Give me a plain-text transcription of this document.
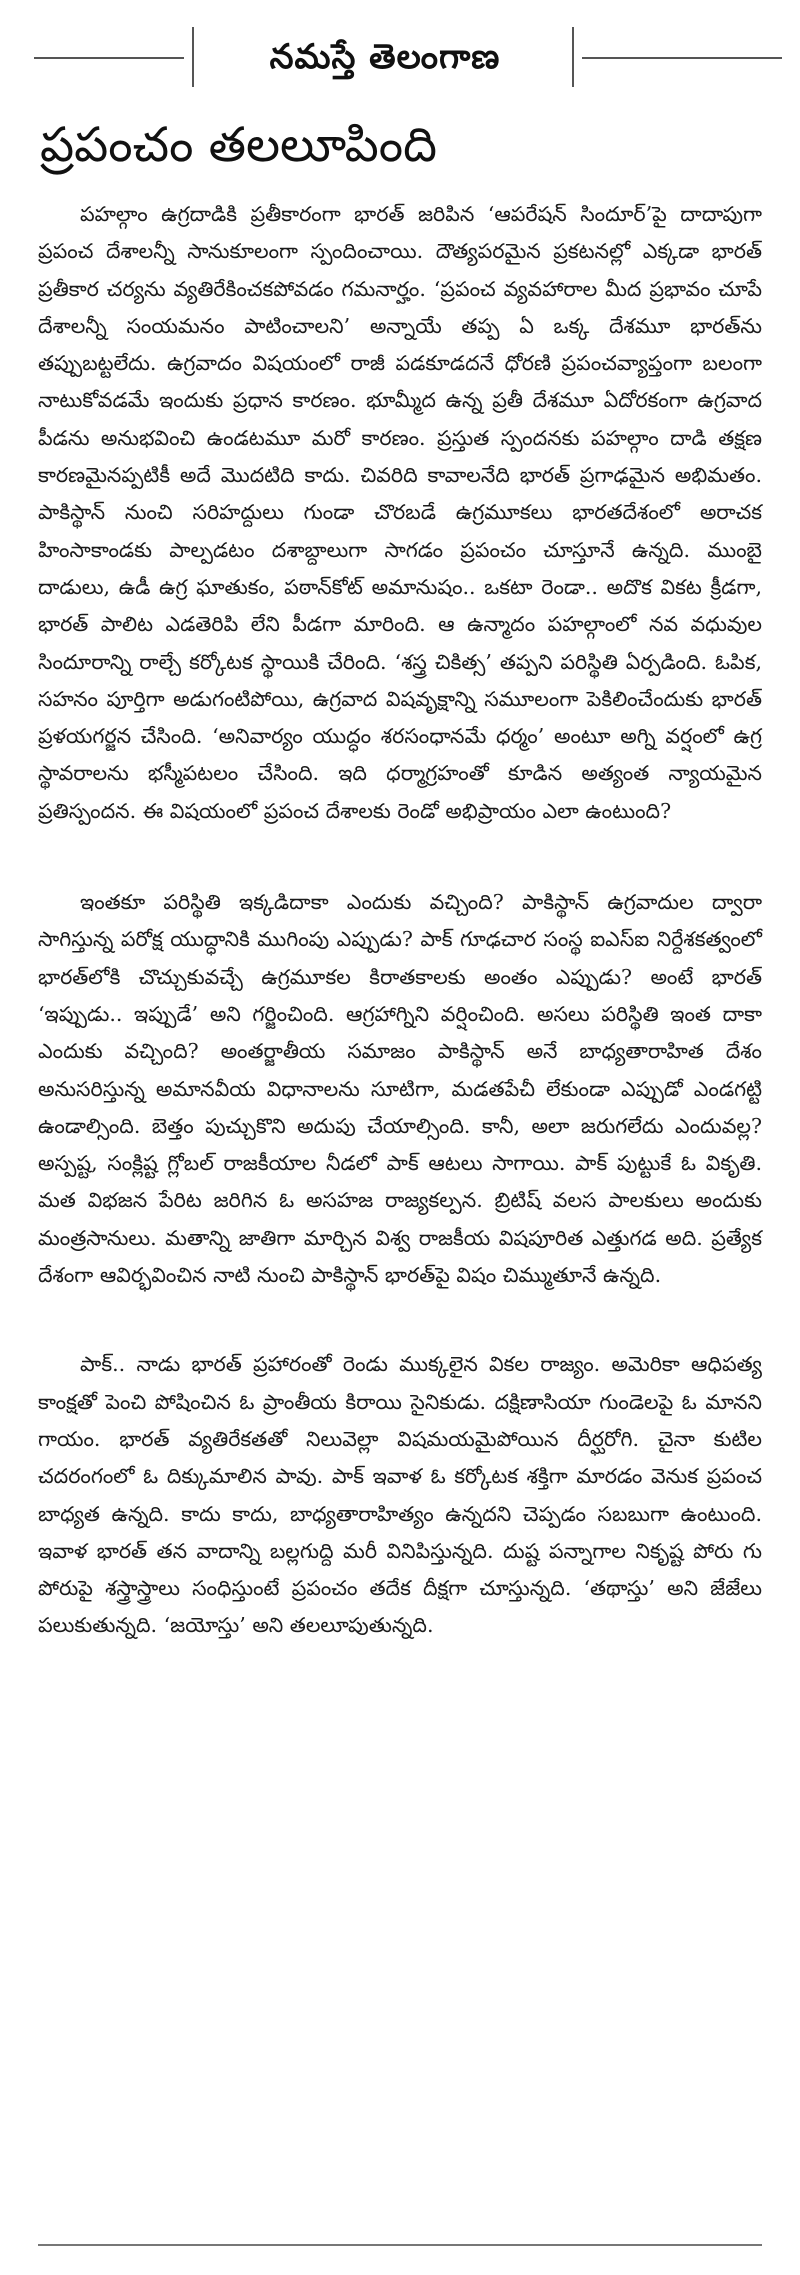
నమస్తే తెలంగాణ
ప్రపంచం తలలూపింది

పహల్గాం ఉగ్రదాడికి ప్రతీకారంగా భారత్ జరిపిన ‘ఆపరేషన్ సిందూర్’పై దాదాపుగా ప్రపంచ దేశాలన్నీ సానుకూలంగా స్పందించాయి. దౌత్యపరమైన ప్రకటనల్లో ఎక్కడా భారత్ ప్రతీకార చర్యను వ్యతిరేకించకపోవడం గమనార్హం. ‘ప్రపంచ వ్యవహారాల మీద ప్రభావం చూపే దేశాలన్నీ సంయమనం పాటించాలని’ అన్నాయే తప్ప ఏ ఒక్క దేశమూ భారత్‌ను తప్పుబట్టలేదు. ఉగ్రవాదం విషయంలో రాజీ పడకూడదనే ధోరణి ప్రపంచవ్యాప్తంగా బలంగా నాటుకోవడమే ఇందుకు ప్రధాన కారణం. భూమ్మీద ఉన్న ప్రతీ దేశమూ ఏదోరకంగా ఉగ్రవాద పీడను అనుభవించి ఉండటమూ మరో కారణం. ప్రస్తుత స్పందనకు పహల్గాం దాడి తక్షణ కారణమైనప్పటికీ అదే మొదటిది కాదు. చివరిది కావాలనేది భారత్ ప్రగాఢమైన అభిమతం. పాకిస్థాన్ నుంచి సరిహద్దులు గుండా చొరబడే ఉగ్రమూకలు భారతదేశంలో అరాచక హింసాకాండకు పాల్పడటం దశాబ్దాలుగా సాగడం ప్రపంచం చూస్తూనే ఉన్నది. ముంబై దాడులు, ఉడీ ఉగ్ర ఘాతుకం, పఠాన్‌కోట్ అమానుషం.. ఒకటా రెండా.. అదొక వికట క్రీడగా, భారత్ పాలిట ఎడతెరిపి లేని పీడగా మారింది. ఆ ఉన్మాదం పహల్గాంలో నవ వధువుల సిందూరాన్ని రాల్చే కర్కోటక స్థాయికి చేరింది. ‘శస్త్ర చికిత్స’ తప్పని పరిస్థితి ఏర్పడింది. ఓపిక, సహనం పూర్తిగా అడుగంటిపోయి, ఉగ్రవాద విషవృక్షాన్ని సమూలంగా పెకిలించేందుకు భారత్ ప్రళయగర్జన చేసింది. ‘అనివార్యం యుద్ధం శరసంధానమే ధర్మం’ అంటూ అగ్ని వర్షంలో ఉగ్ర స్థావరాలను భస్మీపటలం చేసింది. ఇది ధర్మాగ్రహంతో కూడిన అత్యంత న్యాయమైన ప్రతిస్పందన. ఈ విషయంలో ప్రపంచ దేశాలకు రెండో అభిప్రాయం ఎలా ఉంటుంది?

ఇంతకూ పరిస్థితి ఇక్కడిదాకా ఎందుకు వచ్చింది? పాకిస్థాన్ ఉగ్రవాదుల ద్వారా సాగిస్తున్న పరోక్ష యుద్ధానికి ముగింపు ఎప్పుడు? పాక్ గూఢచార సంస్థ ఐఎస్ఐ నిర్దేశకత్వంలో భారత్‌లోకి చొచ్చుకువచ్చే ఉగ్రమూకల కిరాతకాలకు అంతం ఎప్పుడు? అంటే భారత్ ‘ఇప్పుడు.. ఇప్పుడే’ అని గర్జించింది. ఆగ్రహాగ్నిని వర్షించింది. అసలు పరిస్థితి ఇంత దాకా ఎందుకు వచ్చింది? అంతర్జాతీయ సమాజం పాకిస్థాన్ అనే బాధ్యతారాహిత దేశం అనుసరిస్తున్న అమానవీయ విధానాలను సూటిగా, మడతపేచీ లేకుండా ఎప్పుడో ఎండగట్టి ఉండాల్సింది. బెత్తం పుచ్చుకొని అదుపు చేయాల్సింది. కానీ, అలా జరుగలేదు ఎందువల్ల? అస్పష్ట, సంక్లిష్ట గ్లోబల్ రాజకీయాల నీడలో పాక్ ఆటలు సాగాయి. పాక్ పుట్టుకే ఓ వికృతి. మత విభజన పేరిట జరిగిన ఓ అసహజ రాజ్యకల్పన. బ్రిటిష్ వలస పాలకులు అందుకు మంత్రసానులు. మతాన్ని జాతిగా మార్చిన విశ్వ రాజకీయ విషపూరిత ఎత్తుగడ అది. ప్రత్యేక దేశంగా ఆవిర్భవించిన నాటి నుంచి పాకిస్థాన్ భారత్‌పై విషం చిమ్ముతూనే ఉన్నది.

పాక్.. నాడు భారత్ ప్రహారంతో రెండు ముక్కలైన వికల రాజ్యం. అమెరికా ఆధిపత్య కాంక్షతో పెంచి పోషించిన ఓ ప్రాంతీయ కిరాయి సైనికుడు. దక్షిణాసియా గుండెలపై ఓ మానని గాయం. భారత్ వ్యతిరేకతతో నిలువెల్లా విషమయమైపోయిన దీర్ఘరోగి. చైనా కుటిల చదరంగంలో ఓ దిక్కుమాలిన పావు. పాక్ ఇవాళ ఓ కర్కోటక శక్తిగా మారడం వెనుక ప్రపంచ బాధ్యత ఉన్నది. కాదు కాదు, బాధ్యతారాహిత్యం ఉన్నదని చెప్పడం సబబుగా ఉంటుంది. ఇవాళ భారత్ తన వాదాన్ని బల్లగుద్ది మరీ వినిపిస్తున్నది. దుష్ట పన్నాగాల నికృష్ట పోరు గు పోరుపై శస్త్రాస్త్రాలు సంధిస్తుంటే ప్రపంచం తదేక దీక్షగా చూస్తున్నది. ‘తథాస్తు’ అని జేజేలు పలుకుతున్నది. ‘జయోస్తు’ అని తలలూపుతున్నది.
